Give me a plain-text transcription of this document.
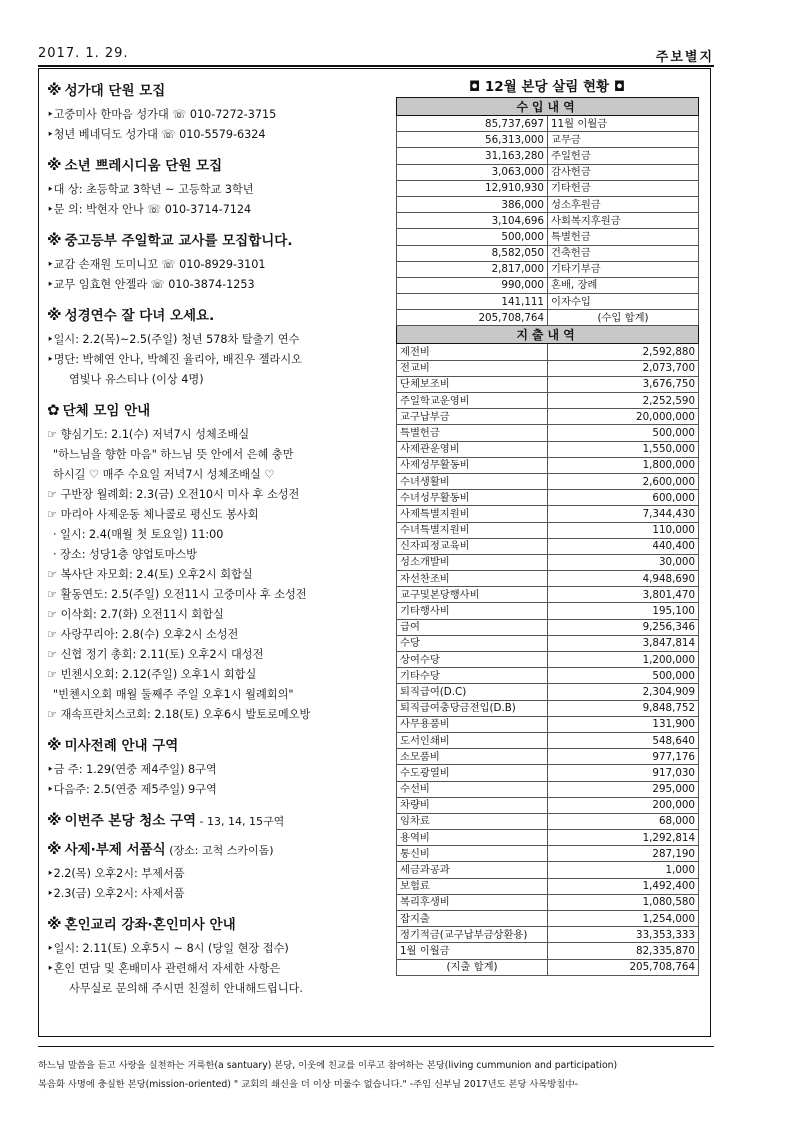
2017. 1. 29.	주보별지
※ 성가대 단원 모집
‣고중미사 한마음 성가대 ☏ 010-7272-3715
‣청년 베네딕도 성가대 ☏ 010-5579-6324
※ 소년 쁘레시디움 단원 모집
‣대 상: 초등학교 3학년 ~ 고등학교 3학년
‣문 의: 박현자 안나 ☏ 010-3714-7124
※ 중고등부 주일학교 교사를 모집합니다.
‣교감 손재원 도미니꼬 ☏ 010-8929-3101
‣교무 임효현 안젤라 ☏ 010-3874-1253
※ 성경연수 잘 다녀 오세요.
‣일시: 2.2(목)~2.5(주일) 청년 578차 탈출기 연수
‣명단: 박혜연 안나, 박혜진 율리아, 배진우 젤라시오
염빛나 유스티나 (이상 4명)
✿ 단체 모임 안내
☞ 향심기도: 2.1(수) 저녁7시 성체조배실
"하느님을 향한 마음" 하느님 뜻 안에서 은혜 충만
하시길 ♡ 매주 수요일 저녁7시 성체조배실 ♡
☞ 구반장 월례회: 2.3(금) 오전10시 미사 후 소성전
☞ 마리아 사제운동 체나콜로 평신도 봉사회
· 일시: 2.4(매월 첫 토요일) 11:00
· 장소: 성당1층 양업토마스방
☞ 복사단 자모회: 2.4(토) 오후2시 회합실
☞ 활동연도: 2.5(주일) 오전11시 고중미사 후 소성전
☞ 이삭회: 2.7(화) 오전11시 회합실
☞ 사랑꾸리아: 2.8(수) 오후2시 소성전
☞ 신협 정기 총회: 2.11(토) 오후2시 대성전
☞ 빈첸시오회: 2.12(주일) 오후1시 회합실
"빈첸시오회 매월 둘째주 주일 오후1시 월례회의"
☞ 재속프란치스코회: 2.18(토) 오후6시 발토로메오방
※ 미사전례 안내 구역
‣금 주: 1.29(연중 제4주일) 8구역
‣다음주: 2.5(연중 제5주일) 9구역
※ 이번주 본당 청소 구역 - 13, 14, 15구역
※ 사제·부제 서품식 (장소: 고척 스카이돔)
‣2.2(목) 오후2시: 부제서품
‣2.3(금) 오후2시: 사제서품
※ 혼인교리 강좌·혼인미사 안내
‣일시: 2.11(토) 오후5시 ~ 8시 (당일 현장 접수)
‣혼인 면담 및 혼배미사 관련해서 자세한 사항은
사무실로 문의해 주시면 친절히 안내해드립니다.
◘ 12월 본당 살림 현황 ◘
수입내역	
85,737,697	11월 이월금
56,313,000	교무금
31,163,280	주일헌금
3,063,000	감사헌금
12,910,930	기타헌금
386,000	성소후원금
3,104,696	사회복지후원금
500,000	특별헌금
8,582,050	건축헌금
2,817,000	기타기부금
990,000	혼배, 장례
141,111	이자수입
205,708,764	(수입 합계)
지출내역	
제전비	2,592,880
전교비	2,073,700
단체보조비	3,676,750
주일학교운영비	2,252,590
교구납부금	20,000,000
특별헌금	500,000
사제관운영비	1,550,000
사제성무활동비	1,800,000
수녀생활비	2,600,000
수녀성무활동비	600,000
사제특별지원비	7,344,430
수녀특별지원비	110,000
신자피정교육비	440,400
성소개발비	30,000
자선찬조비	4,948,690
교구및본당행사비	3,801,470
기타행사비	195,100
급여	9,256,346
수당	3,847,814
상여수당	1,200,000
기타수당	500,000
퇴직급여(D.C)	2,304,909
퇴직급여충당금전입(D.B)	9,848,752
사무용품비	131,900
도서인쇄비	548,640
소모품비	977,176
수도광열비	917,030
수선비	295,000
차량비	200,000
임차료	68,000
용역비	1,292,814
통신비	287,190
세금과공과	1,000
보험료	1,492,400
복리후생비	1,080,580
잡지출	1,254,000
정기적금(교구납부금상환용)	33,353,333
1월 이월금	82,335,870
(지출 합계)	205,708,764
하느님 말씀을 듣고 사랑을 실천하는 거룩한(a santuary) 본당, 이웃에 친교를 이루고 참여하는 본당(living cummunion and participation)
복음화 사명에 충실한 본당(mission-oriented) " 교회의 쇄신을 더 이상 미룰수 없습니다." -주임 신부님 2017년도 본당 사목방침中-
